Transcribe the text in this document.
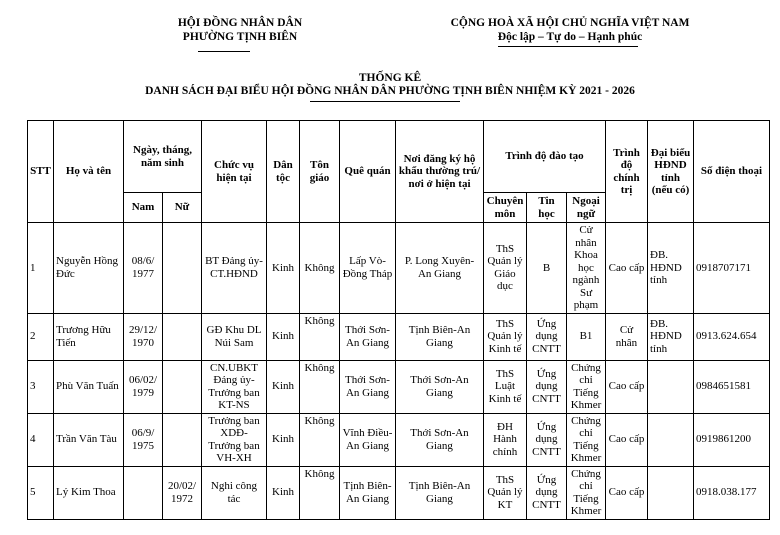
HỘI ĐỒNG NHÂN DÂN
PHƯỜNG TỊNH BIÊN
CỘNG HOÀ XÃ HỘI CHỦ NGHĨA VIỆT NAM
Độc lập – Tự do – Hạnh phúc
THỐNG KÊ
DANH SÁCH ĐẠI BIỂU HỘI ĐỒNG NHÂN DÂN PHƯỜNG TỊNH BIÊN NHIỆM KỲ 2021 - 2026
STT	Họ và tên	Ngày, tháng, năm sinh		Chức vụ hiện tại	Dân tộc	Tôn giáo	Quê quán	Nơi đăng ký hộ khẩu thường trú/ nơi ở hiện tại	Trình độ đào tạo			Trình độ chính trị	Đại biểu HĐND tỉnh (nếu có)	Số điện thoại
		Nam	Nữ						Chuyên môn	Tin học	Ngoại ngữ			
1	Nguyễn Hồng Đức	08/6/ 1977		BT Đảng ủy- CT.HĐND	Kinh	Không	Lấp Vò- Đồng Tháp	P. Long Xuyên- An Giang	ThS Quản lý Giáo dục	B	Cử nhân Khoa học ngành Sư phạm	Cao cấp	ĐB. HĐND tỉnh	0918707171
2	Trương Hữu Tiến	29/12/ 1970		GĐ Khu DL Núi Sam	Kinh	Không	Thới Sơn- An Giang	Tịnh Biên-An Giang	ThS Quản lý Kinh tế	Ứng dụng CNTT	B1	Cử nhân	ĐB. HĐND tỉnh	0913.624.654
3	Phù Văn Tuấn	06/02/ 1979		CN.UBKT Đảng ủy- Trưởng ban KT-NS	Kinh	Không	Thới Sơn- An Giang	Thới Sơn-An Giang	ThS Luật Kinh tế	Ứng dụng CNTT	Chứng chỉ Tiếng Khmer	Cao cấp		0984651581
4	Trần Văn Tàu	06/9/ 1975		Trưởng ban XDĐ- Trưởng ban VH-XH	Kinh	Không	Vĩnh Điều-An Giang	Thới Sơn-An Giang	ĐH Hành chính	Ứng dụng CNTT	Chứng chỉ Tiếng Khmer	Cao cấp		0919861200
5	Lý Kim Thoa		20/02/ 1972	Nghi công tác	Kinh	Không	Tịnh Biên- An Giang	Tịnh Biên-An Giang	ThS Quản lý KT	Ứng dụng CNTT	Chứng chỉ Tiếng Khmer	Cao cấp		0918.038.177
